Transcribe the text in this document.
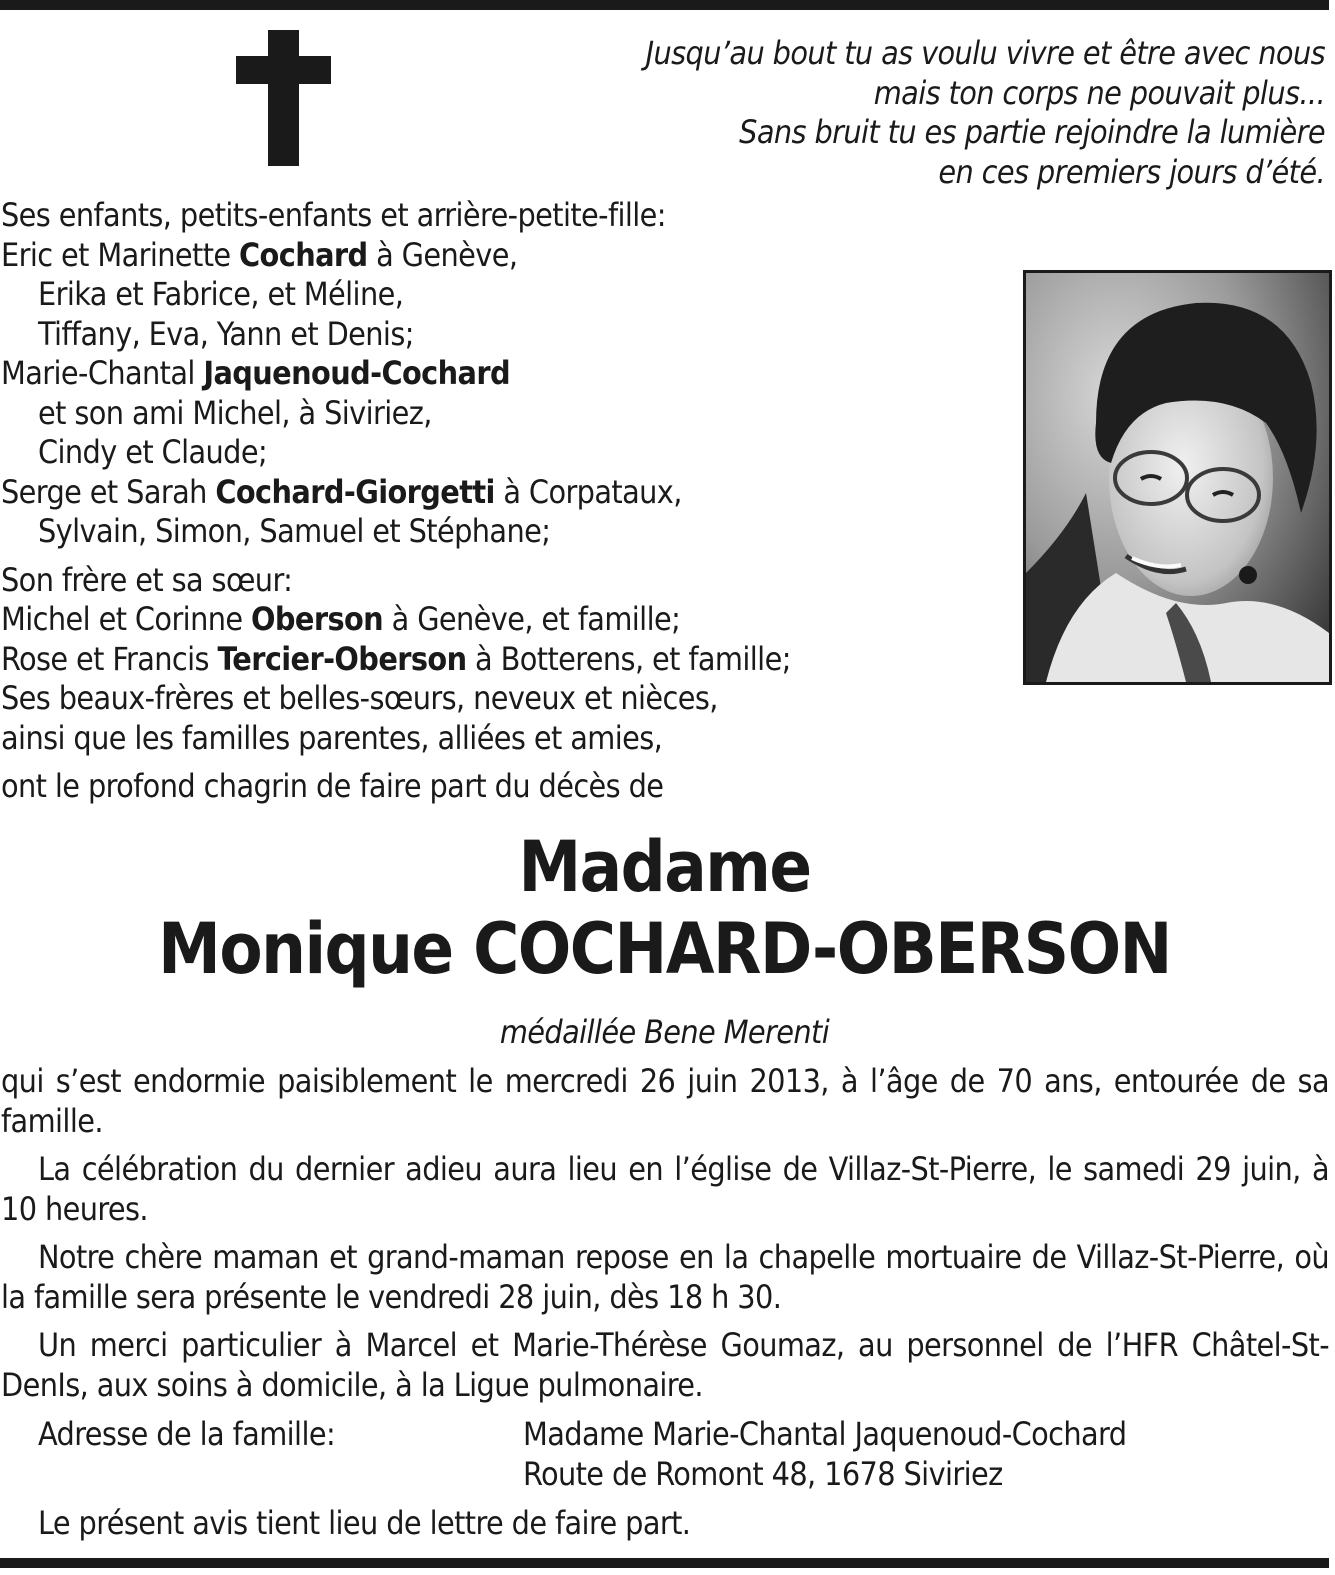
Jusqu’au bout tu as voulu vivre et être avec nous
mais ton corps ne pouvait plus...
Sans bruit tu es partie rejoindre la lumière
en ces premiers jours d’été.

Ses enfants, petits-enfants et arrière-petite-fille:

Eric et Marinette Cochard à Genève,

Erika et Fabrice, et Méline,

Tiffany, Eva, Yann et Denis;

Marie-Chantal Jaquenoud-Cochard

et son ami Michel, à Siviriez,

Cindy et Claude;

Serge et Sarah Cochard-Giorgetti à Corpataux,

Sylvain, Simon, Samuel et Stéphane;

Son frère et sa sœur:

Michel et Corinne Oberson à Genève, et famille;

Rose et Francis Tercier-Oberson à Botterens, et famille;

Ses beaux-frères et belles-sœurs, neveux et nièces,

ainsi que les familles parentes, alliées et amies,

ont le profond chagrin de faire part du décès de

Madame

Monique COCHARD-OBERSON

médaillée Bene Merenti

qui s’est endormie paisiblement le mercredi 26 juin 2013, à l’âge de 70 ans, entourée de sa famille.

La célébration du dernier adieu aura lieu en l’église de Villaz-St-Pierre, le samedi 29 juin, à 10 heures.

Notre chère maman et grand-maman repose en la chapelle mortuaire de Villaz-St-Pierre, où la famille sera présente le vendredi 28 juin, dès 18 h 30.

Un merci particulier à Marcel et Marie-Thérèse Goumaz, au personnel de l’HFR Châtel-St-DenIs, aux soins à domicile, à la Ligue pulmonaire.

Adresse de la famille:	Madame Marie-Chantal Jaquenoud-Cochard
Route de Romont 48, 1678 Siviriez
Le présent avis tient lieu de lettre de faire part.
